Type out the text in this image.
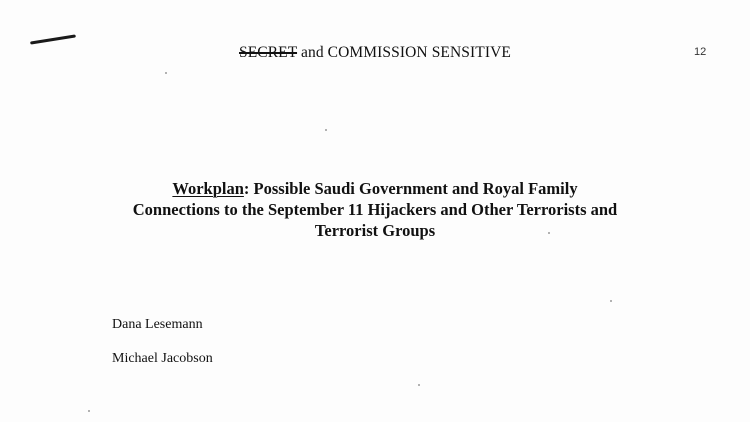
SECRET and COMMISSION SENSITIVE	12
Workplan: Possible Saudi Government and Royal Family
Connections to the September 11 Hijackers and Other Terrorists and
Terrorist Groups
Dana Lesemann
Michael Jacobson
